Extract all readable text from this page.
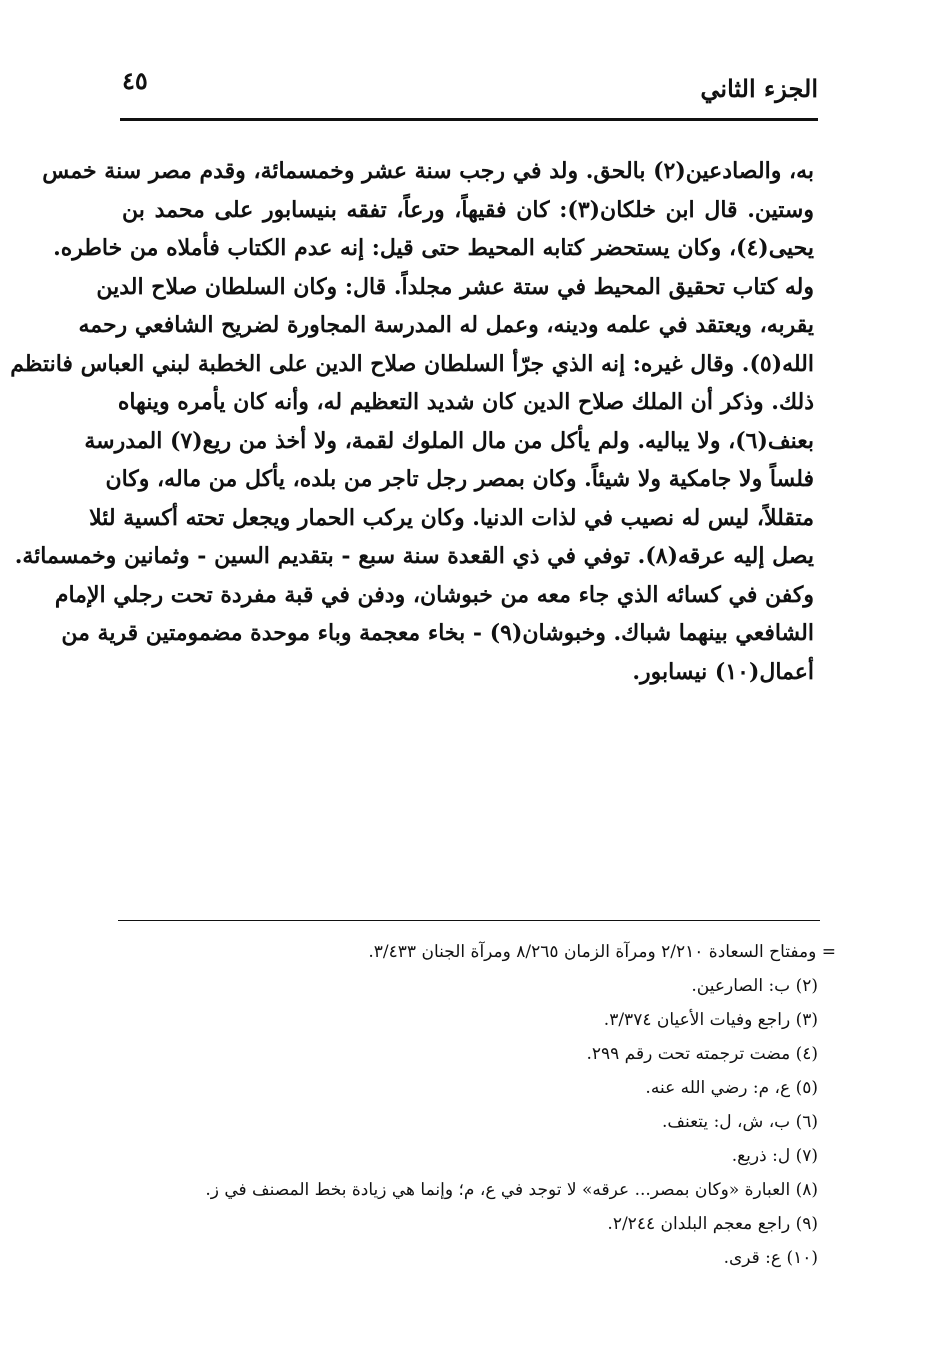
الجزء الثاني
٤٥
به، والصادعين(٢) بالحق. ولد في رجب سنة عشر وخمسمائة، وقدم مصر سنة خمس
وستين. قال ابن خلكان(٣): كان فقيهاً، ورعاً، تفقه بنيسابور على محمد بن
يحيى(٤)، وكان يستحضر كتابه المحيط حتى قيل: إنه عدم الكتاب فأملاه من خاطره.
وله كتاب تحقيق المحيط في ستة عشر مجلداً. قال: وكان السلطان صلاح الدين
يقربه، ويعتقد في علمه ودينه، وعمل له المدرسة المجاورة لضريح الشافعي رحمه
الله(٥). وقال غيره: إنه الذي جرّأ السلطان صلاح الدين على الخطبة لبني العباس فانتظم
ذلك. وذكر أن الملك صلاح الدين كان شديد التعظيم له، وأنه كان يأمره وينهاه
بعنف(٦)، ولا يباليه. ولم يأكل من مال الملوك لقمة، ولا أخذ من ريع(٧) المدرسة
فلساً ولا جامكية ولا شيئاً. وكان بمصر رجل تاجر من بلده، يأكل من ماله، وكان
متقللاً، ليس له نصيب في لذات الدنيا. وكان يركب الحمار ويجعل تحته أكسية لئلا
يصل إليه عرقه(٨). توفي في ذي القعدة سنة سبع - بتقديم السين - وثمانين وخمسمائة.
وكفن في كسائه الذي جاء معه من خبوشان، ودفن في قبة مفردة تحت رجلي الإمام
الشافعي بينهما شباك. وخبوشان(٩) - بخاء معجمة وباء موحدة مضمومتين قرية من
أعمال(١٠) نيسابور.
= ومفتاح السعادة ٢/٢١٠ ومرآة الزمان ٨/٢٦٥ ومرآة الجنان ٣/٤٣٣.
(٢) ب: الصارعين.
(٣) راجع وفيات الأعيان ٣/٣٧٤.
(٤) مضت ترجمته تحت رقم ٢٩٩.
(٥) ع، م: رضي الله عنه.
(٦) ب، ش، ل: يتعنف.
(٧) ل: ذريع.
(٨) العبارة «وكان بمصر... عرقه» لا توجد في ع، م؛ وإنما هي زيادة بخط المصنف في ز.
(٩) راجع معجم البلدان ٢/٢٤٤.
(١٠) ع: قرى.
